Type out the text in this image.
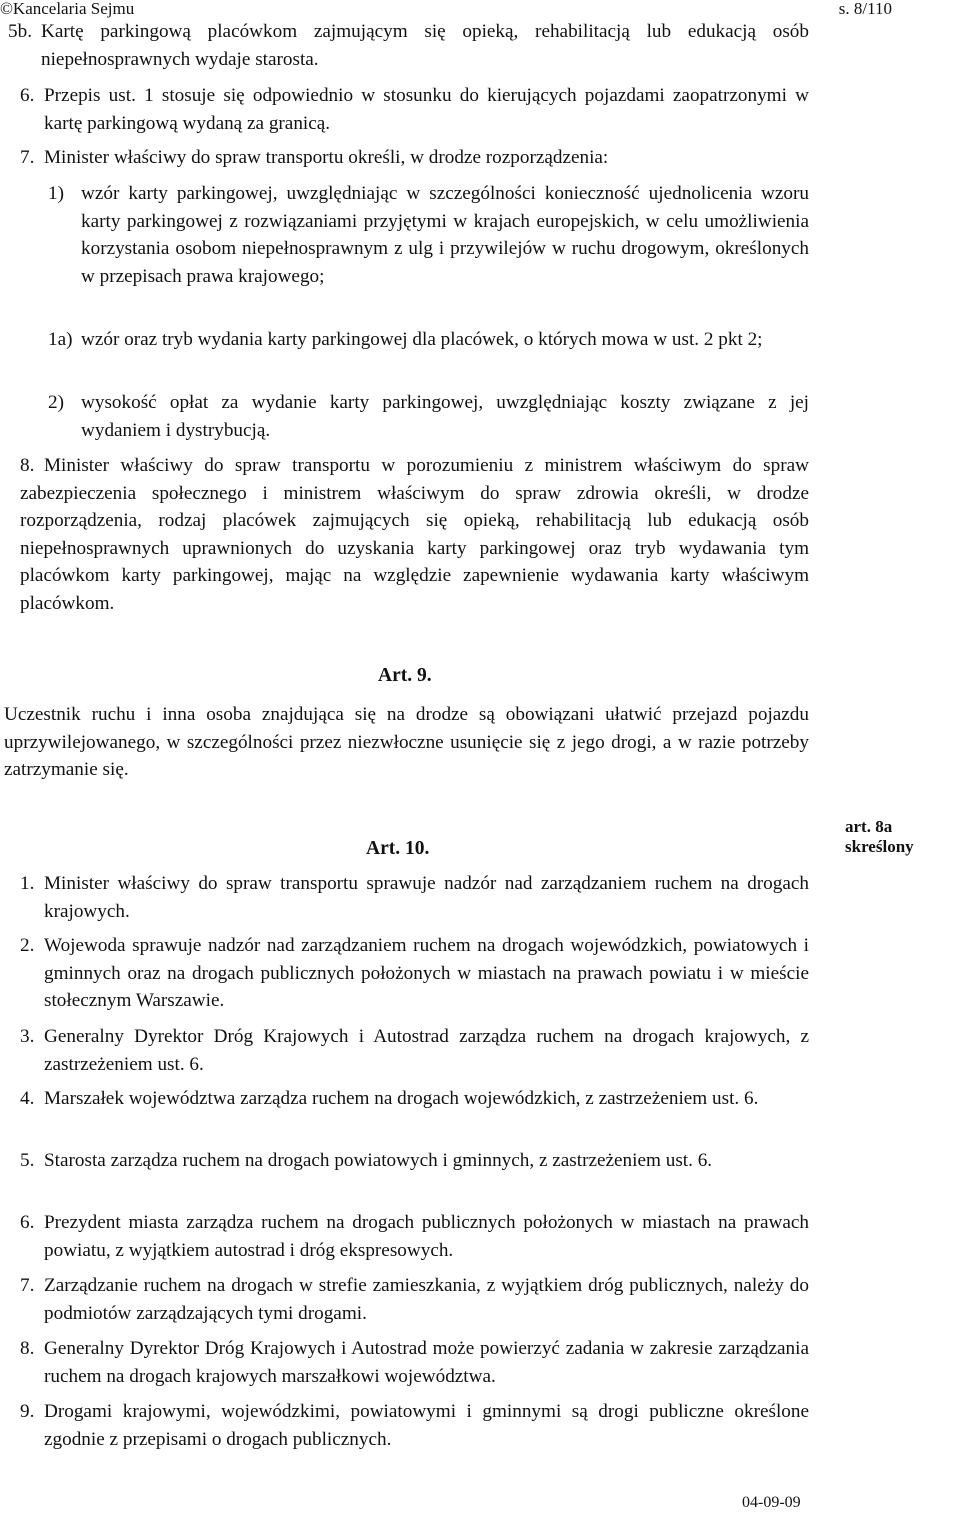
©Kancelaria Sejmu	s. 8/110
5b. Kartę parkingową placówkom zajmującym się opieką, rehabilitacją lub edukacją osób niepełnosprawnych wydaje starosta.
6. Przepis ust. 1 stosuje się odpowiednio w stosunku do kierujących pojazdami zaopatrzonymi w kartę parkingową wydaną za granicą.
7. Minister właściwy do spraw transportu określi, w drodze rozporządzenia:
1) wzór karty parkingowej, uwzględniając w szczególności konieczność ujednolicenia wzoru karty parkingowej z rozwiązaniami przyjętymi w krajach europejskich, w celu umożliwienia korzystania osobom niepełnosprawnym z ulg i przywilejów w ruchu drogowym, określonych w przepisach prawa krajowego;
1a) wzór oraz tryb wydania karty parkingowej dla placówek, o których mowa w ust. 2 pkt 2;
2) wysokość opłat za wydanie karty parkingowej, uwzględniając koszty związane z jej wydaniem i dystrybucją.
8. Minister właściwy do spraw transportu w porozumieniu z ministrem właściwym do spraw zabezpieczenia społecznego i ministrem właściwym do spraw zdrowia określi, w drodze rozporządzenia, rodzaj placówek zajmujących się opieką, rehabilitacją lub edukacją osób niepełnosprawnych uprawnionych do uzyskania karty parkingowej oraz tryb wydawania tym placówkom karty parkingowej, mając na względzie zapewnienie wydawania karty właściwym placówkom.
Art. 9.
Uczestnik ruchu i inna osoba znajdująca się na drodze są obowiązani ułatwić przejazd pojazdu uprzywilejowanego, w szczególności przez niezwłoczne usunięcie się z jego drogi, a w razie potrzeby zatrzymanie się.
art. 8a skreślony
Art. 10.
1. Minister właściwy do spraw transportu sprawuje nadzór nad zarządzaniem ruchem na drogach krajowych.
2. Wojewoda sprawuje nadzór nad zarządzaniem ruchem na drogach wojewódzkich, powiatowych i gminnych oraz na drogach publicznych położonych w miastach na prawach powiatu i w mieście stołecznym Warszawie.
3. Generalny Dyrektor Dróg Krajowych i Autostrad zarządza ruchem na drogach krajowych, z zastrzeżeniem ust. 6.
4. Marszałek województwa zarządza ruchem na drogach wojewódzkich, z zastrzeżeniem ust. 6.
5. Starosta zarządza ruchem na drogach powiatowych i gminnych, z zastrzeżeniem ust. 6.
6. Prezydent miasta zarządza ruchem na drogach publicznych położonych w miastach na prawach powiatu, z wyjątkiem autostrad i dróg ekspresowych.
7. Zarządzanie ruchem na drogach w strefie zamieszkania, z wyjątkiem dróg publicznych, należy do podmiotów zarządzających tymi drogami.
8. Generalny Dyrektor Dróg Krajowych i Autostrad może powierzyć zadania w zakresie zarządzania ruchem na drogach krajowych marszałkowi województwa.
9. Drogami krajowymi, wojewódzkimi, powiatowymi i gminnymi są drogi publiczne określone zgodnie z przepisami o drogach publicznych.
04-09-09
